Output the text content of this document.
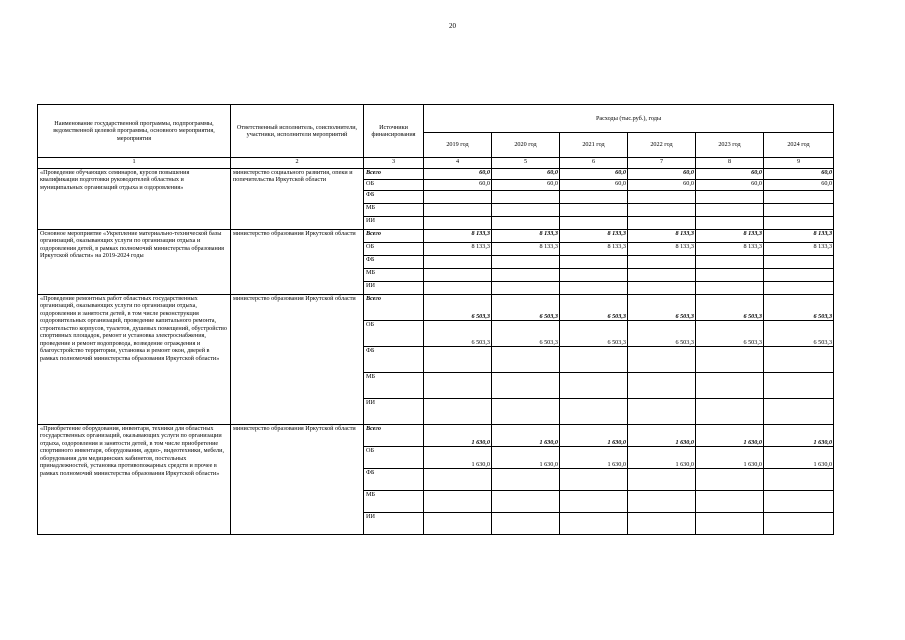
20
Наименование государственной программы, подпрограммы, ведомственной целевой программы, основного мероприятия, мероприятия	Ответственный исполнитель, соисполнители, участники, исполнители мероприятий	Источники финансирования	Расходы (тыс.руб.), годы					
			2019 год	2020 год	2021 год	2022 год	2023 год	2024 год
1	2	3	4	5	6	7	8	9
«Проведение обучающих семинаров, курсов повышения квалификации подготовки руководителей областных и муниципальных организаций отдыха и оздоровления»	министерство социального развития, опеки и попечительства Иркутской области	Всего	60,0	60,0	60,0	60,0	60,0	60,0
		ОБ	60,0	60,0	60,0	60,0	60,0	60,0
		ФБ						
		МБ						
		ИИ						
Основное мероприятие «Укрепление материально-технической базы организаций, оказывающих услуги по организации отдыха и оздоровления детей, в рамках полномочий министерства образования Иркутской области» на 2019-2024 годы	министерство образования Иркутской области	Всего	8 133,3	8 133,3	8 133,3	8 133,3	8 133,3	8 133,3
		ОБ	8 133,3	8 133,3	8 133,3	8 133,3	8 133,3	8 133,3
		ФБ						
		МБ						
		ИИ						
«Проведение ремонтных работ областных государственных организаций, оказывающих услуги по организации отдыха, оздоровления и занятости детей, в том числе реконструкция оздоровительных организаций, проведение капитального ремонта, строительство корпусов, туалетов, душевых помещений, обустройство спортивных площадок, ремонт и установка электроснабжения, проведение и ремонт водопровода, возведение ограждения и благоустройство территории, установка и ремонт окон, дверей в рамках полномочий министерства образования Иркутской области»	министерство образования Иркутской области	Всего	6 503,3	6 503,3	6 503,3	6 503,3	6 503,3	6 503,3
		ОБ	6 503,3	6 503,3	6 503,3	6 503,3	6 503,3	6 503,3
		ФБ						
		МБ						
		ИИ						
«Приобретение оборудования, инвентаря, техники для областных государственных организаций, оказывающих услуги по организации отдыха, оздоровления и занятости детей, в том числе приобретение спортивного инвентаря, оборудования, аудио-, видеотехники, мебели, оборудования для медицинских кабинетов, постельных принадлежностей, установка противопожарных средств и прочее в рамках полномочий министерства образования Иркутской области»	министерство образования Иркутской области	Всего	1 630,0	1 630,0	1 630,0	1 630,0	1 630,0	1 630,0
		ОБ	1 630,0	1 630,0	1 630,0	1 630,0	1 630,0	1 630,0
		ФБ						
		МБ						
		ИИ						
